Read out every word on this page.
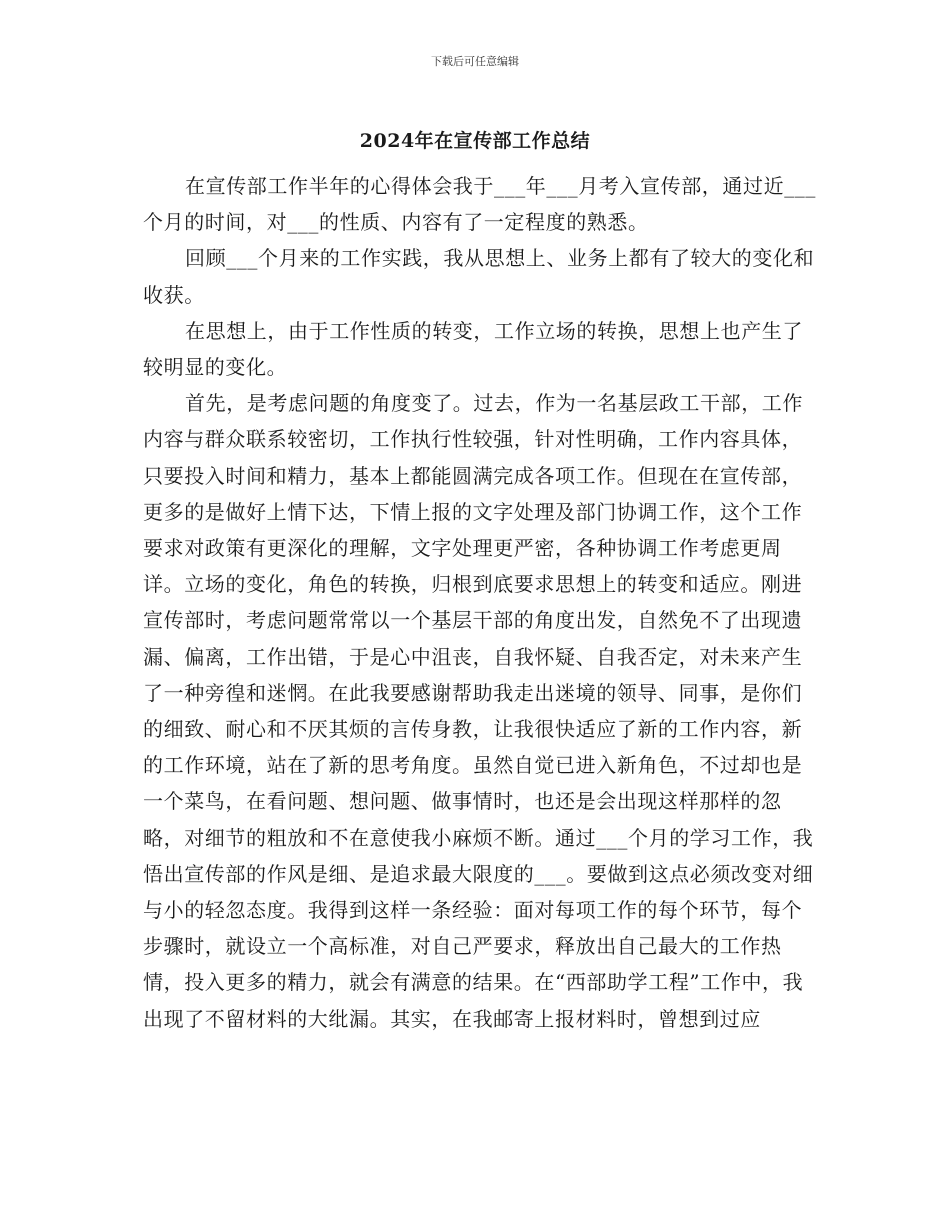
下载后可任意编辑
2024年在宣传部工作总结

在宣传部工作半年的心得体会我于___年___月考入宣传部，通过近___个月的时间，对___的性质、内容有了一定程度的熟悉。

回顾___个月来的工作实践，我从思想上、业务上都有了较大的变化和收获。

在思想上，由于工作性质的转变，工作立场的转换，思想上也产生了较明显的变化。

首先，是考虑问题的角度变了。过去，作为一名基层政工干部，工作内容与群众联系较密切，工作执行性较强，针对性明确，工作内容具体，只要投入时间和精力，基本上都能圆满完成各项工作。但现在在宣传部，更多的是做好上情下达，下情上报的文字处理及部门协调工作，这个工作要求对政策有更深化的理解，文字处理更严密，各种协调工作考虑更周详。立场的变化，角色的转换，归根到底要求思想上的转变和适应。刚进宣传部时，考虑问题常常以一个基层干部的角度出发，自然免不了出现遗漏、偏离，工作出错，于是心中沮丧，自我怀疑、自我否定，对未来产生了一种旁徨和迷惘。在此我要感谢帮助我走出迷境的领导、同事，是你们的细致、耐心和不厌其烦的言传身教，让我很快适应了新的工作内容，新的工作环境，站在了新的思考角度。虽然自觉已进入新角色，不过却也是一个菜鸟，在看问题、想问题、做事情时，也还是会出现这样那样的忽略，对细节的粗放和不在意使我小麻烦不断。通过___个月的学习工作，我悟出宣传部的作风是细、是追求最大限度的___。要做到这点必须改变对细与小的轻忽态度。我得到这样一条经验：面对每项工作的每个环节，每个步骤时，就设立一个高标准，对自己严要求，释放出自己最大的工作热情，投入更多的精力，就会有满意的结果。在“西部助学工程”工作中，我出现了不留材料的大纰漏。其实，在我邮寄上报材料时，曾想到过应
